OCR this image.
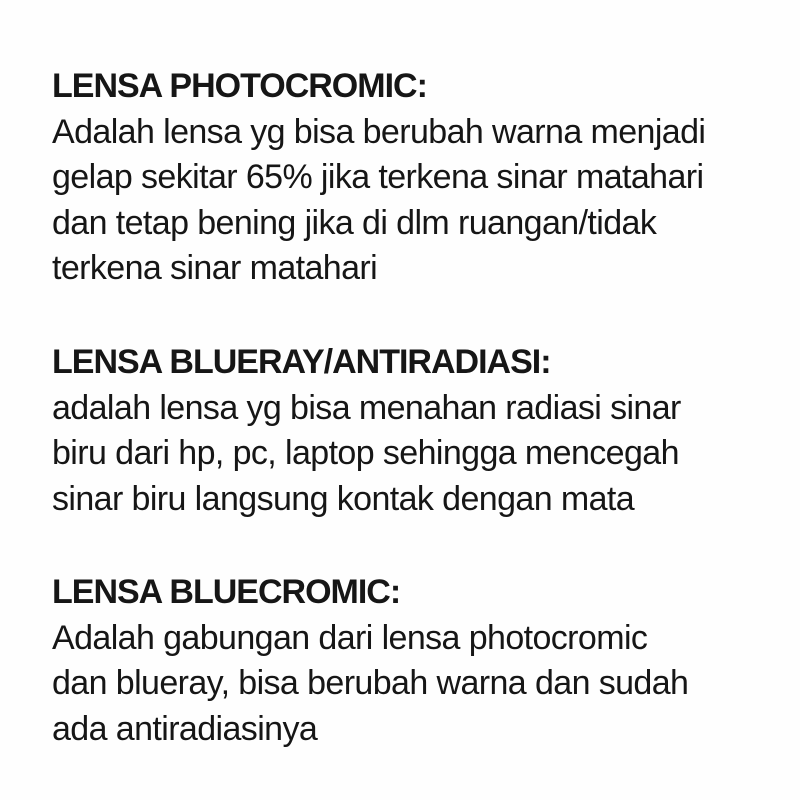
LENSA PHOTOCROMIC:
Adalah lensa yg bisa berubah warna menjadi
gelap sekitar 65% jika terkena sinar matahari
dan tetap bening jika di dlm ruangan/tidak
terkena sinar matahari
LENSA BLUERAY/ANTIRADIASI:
adalah lensa yg bisa menahan radiasi sinar
biru dari hp, pc, laptop sehingga mencegah
sinar biru langsung kontak dengan mata
LENSA BLUECROMIC:
Adalah gabungan dari lensa photocromic
dan blueray, bisa berubah warna dan sudah
ada antiradiasinya
